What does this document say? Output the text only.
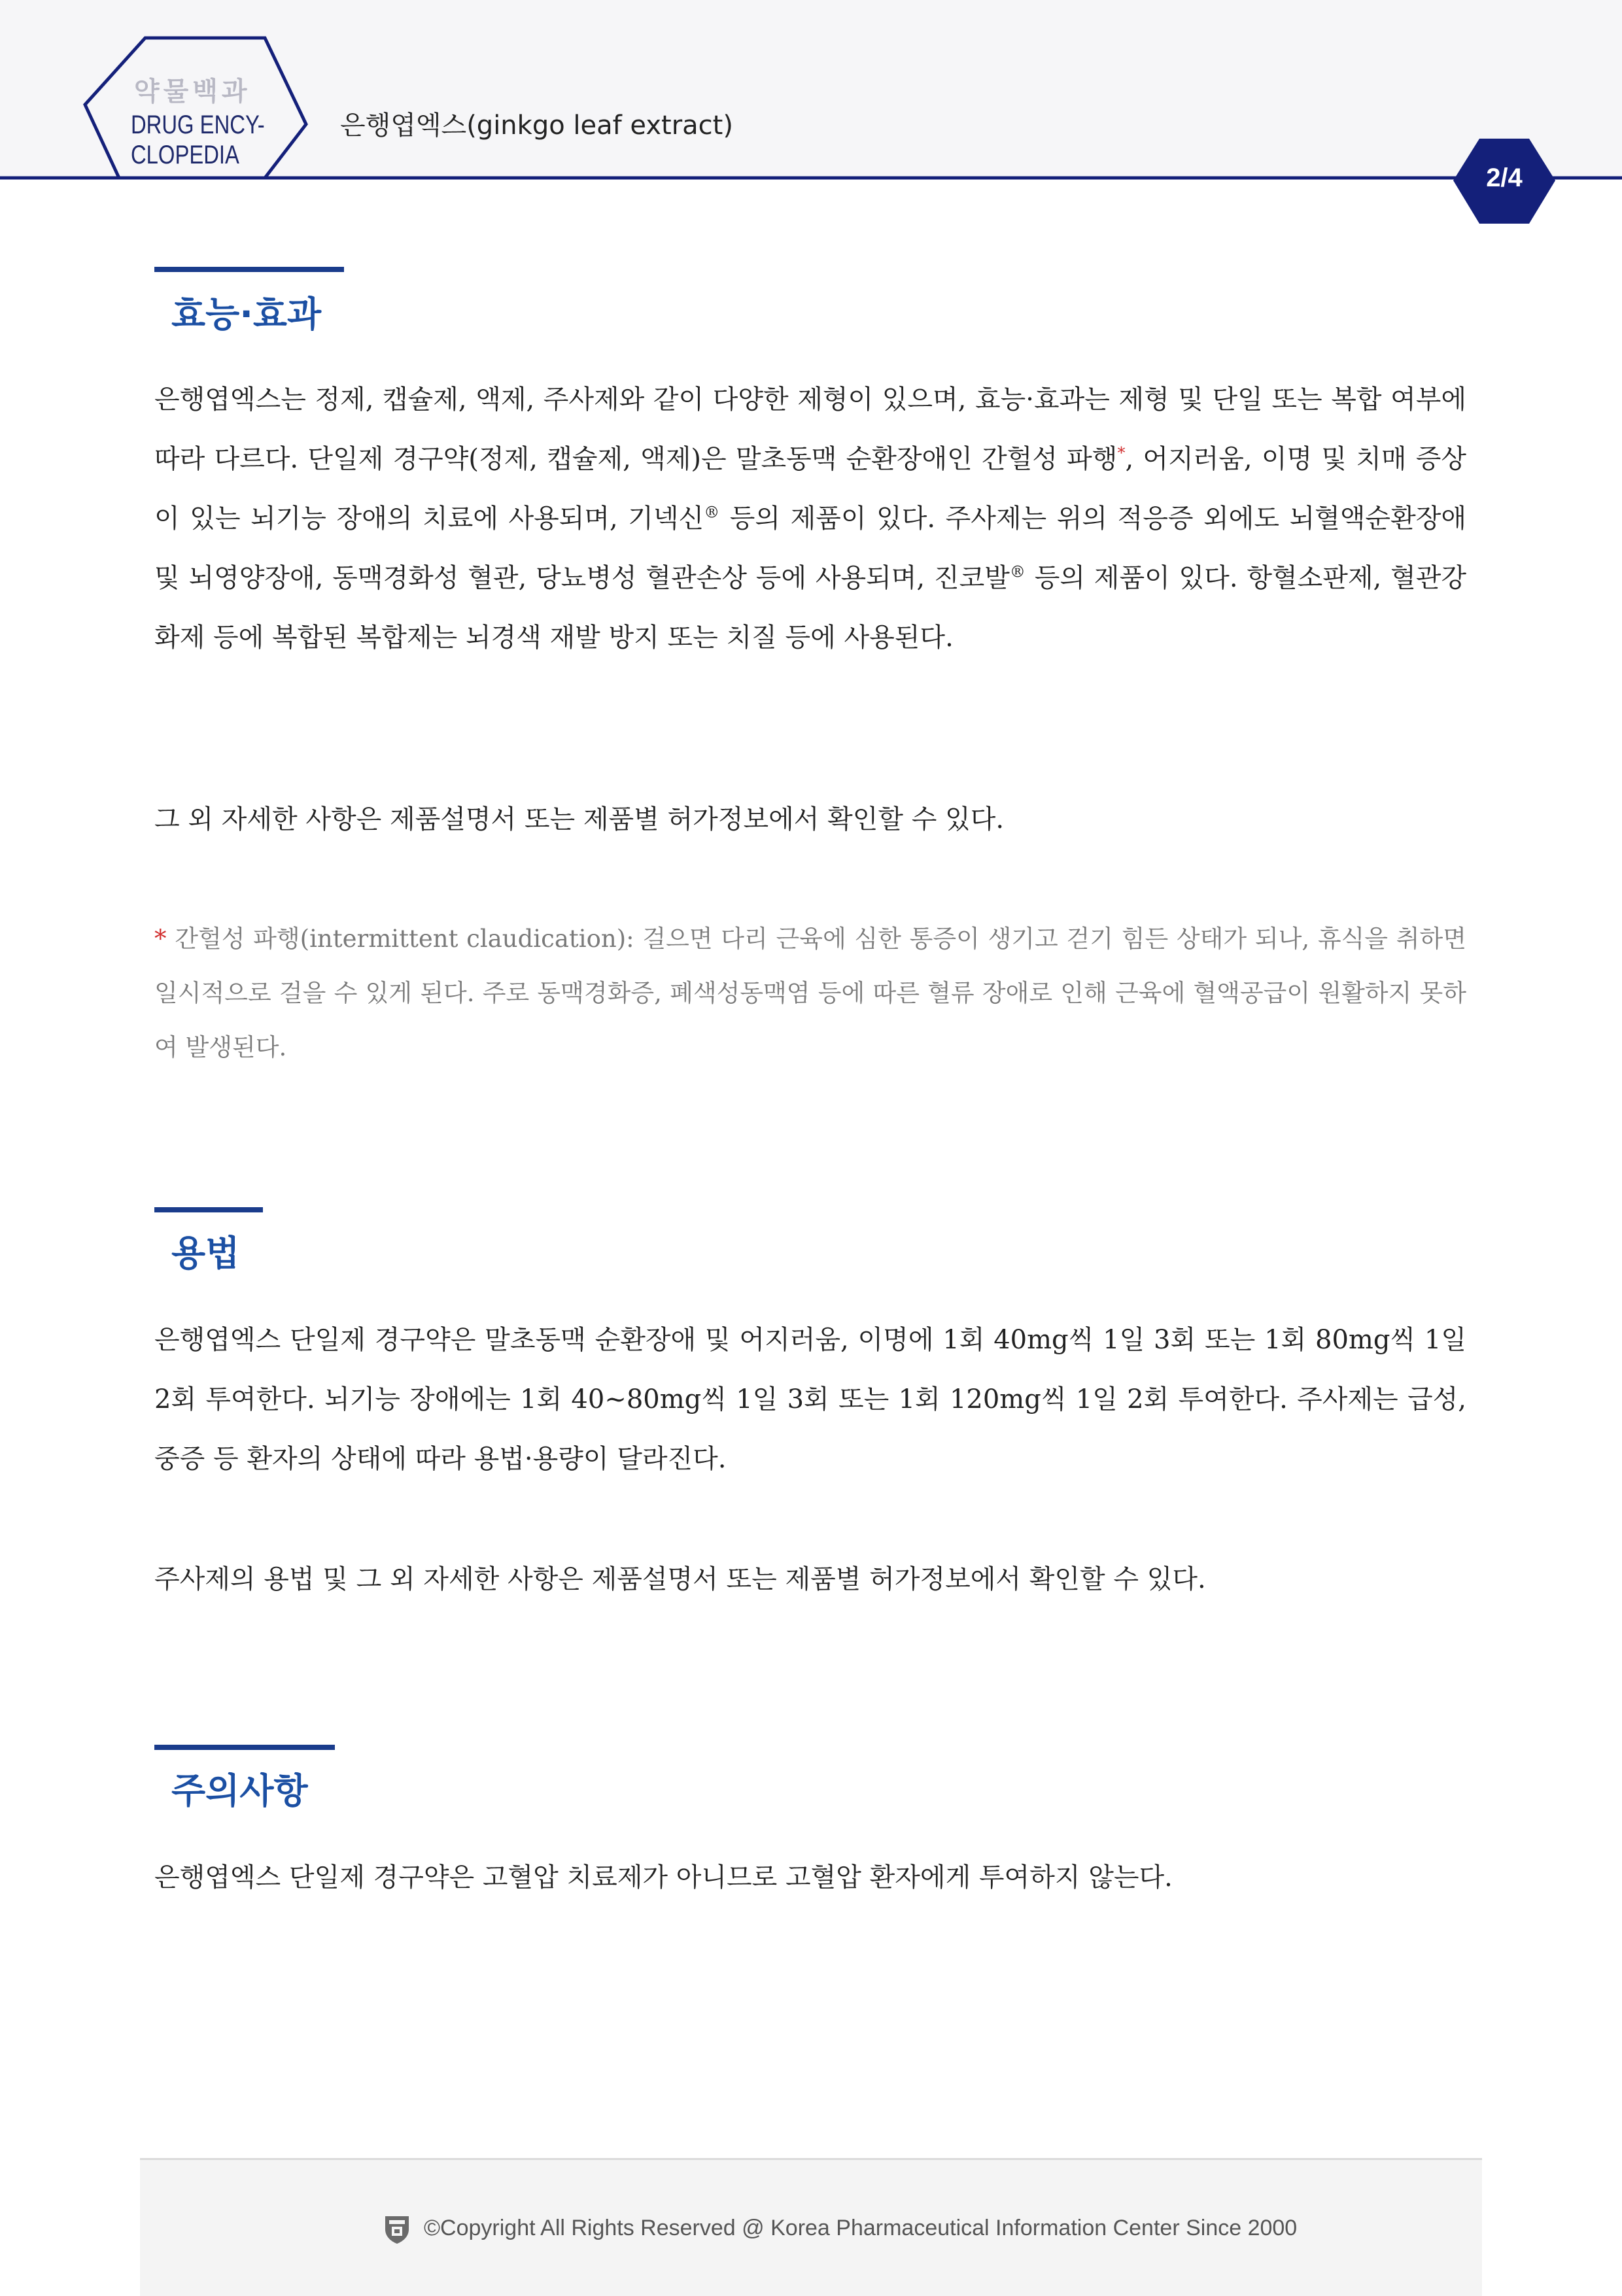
약물백과
DRUG ENCY-
CLOPEDIA
은행엽엑스(ginkgo leaf extract)
2/4
효능·효과

은행엽엑스는 정제, 캡슐제, 액제, 주사제와 같이 다양한 제형이 있으며, 효능·효과는 제형 및 단일 또는 복합 여부에 따라 다르다. 단일제 경구약(정제, 캡슐제, 액제)은 말초동맥 순환장애인 간헐성 파행*, 어지러움, 이명 및 치매 증상이 있는 뇌기능 장애의 치료에 사용되며, 기넥신® 등의 제품이 있다. 주사제는 위의 적응증 외에도 뇌혈액순환장애 및 뇌영양장애, 동맥경화성 혈관, 당뇨병성 혈관손상 등에 사용되며, 진코발® 등의 제품이 있다. 항혈소판제, 혈관강화제 등에 복합된 복합제는 뇌경색 재발 방지 또는 치질 등에 사용된다.

그 외 자세한 사항은 제품설명서 또는 제품별 허가정보에서 확인할 수 있다.

* 간헐성 파행(intermittent claudication): 걸으면 다리 근육에 심한 통증이 생기고 걷기 힘든 상태가 되나, 휴식을 취하면 일시적으로 걸을 수 있게 된다. 주로 동맥경화증, 폐색성동맥염 등에 따른 혈류 장애로 인해 근육에 혈액공급이 원활하지 못하여 발생된다.

용법

은행엽엑스 단일제 경구약은 말초동맥 순환장애 및 어지러움, 이명에 1회 40mg씩 1일 3회 또는 1회 80mg씩 1일 2회 투여한다. 뇌기능 장애에는 1회 40~80mg씩 1일 3회 또는 1회 120mg씩 1일 2회 투여한다. 주사제는 급성, 중증 등 환자의 상태에 따라 용법·용량이 달라진다.

주사제의 용법 및 그 외 자세한 사항은 제품설명서 또는 제품별 허가정보에서 확인할 수 있다.

주의사항

은행엽엑스 단일제 경구약은 고혈압 치료제가 아니므로 고혈압 환자에게 투여하지 않는다.

©Copyright All Rights Reserved @ Korea Pharmaceutical Information Center Since 2000
